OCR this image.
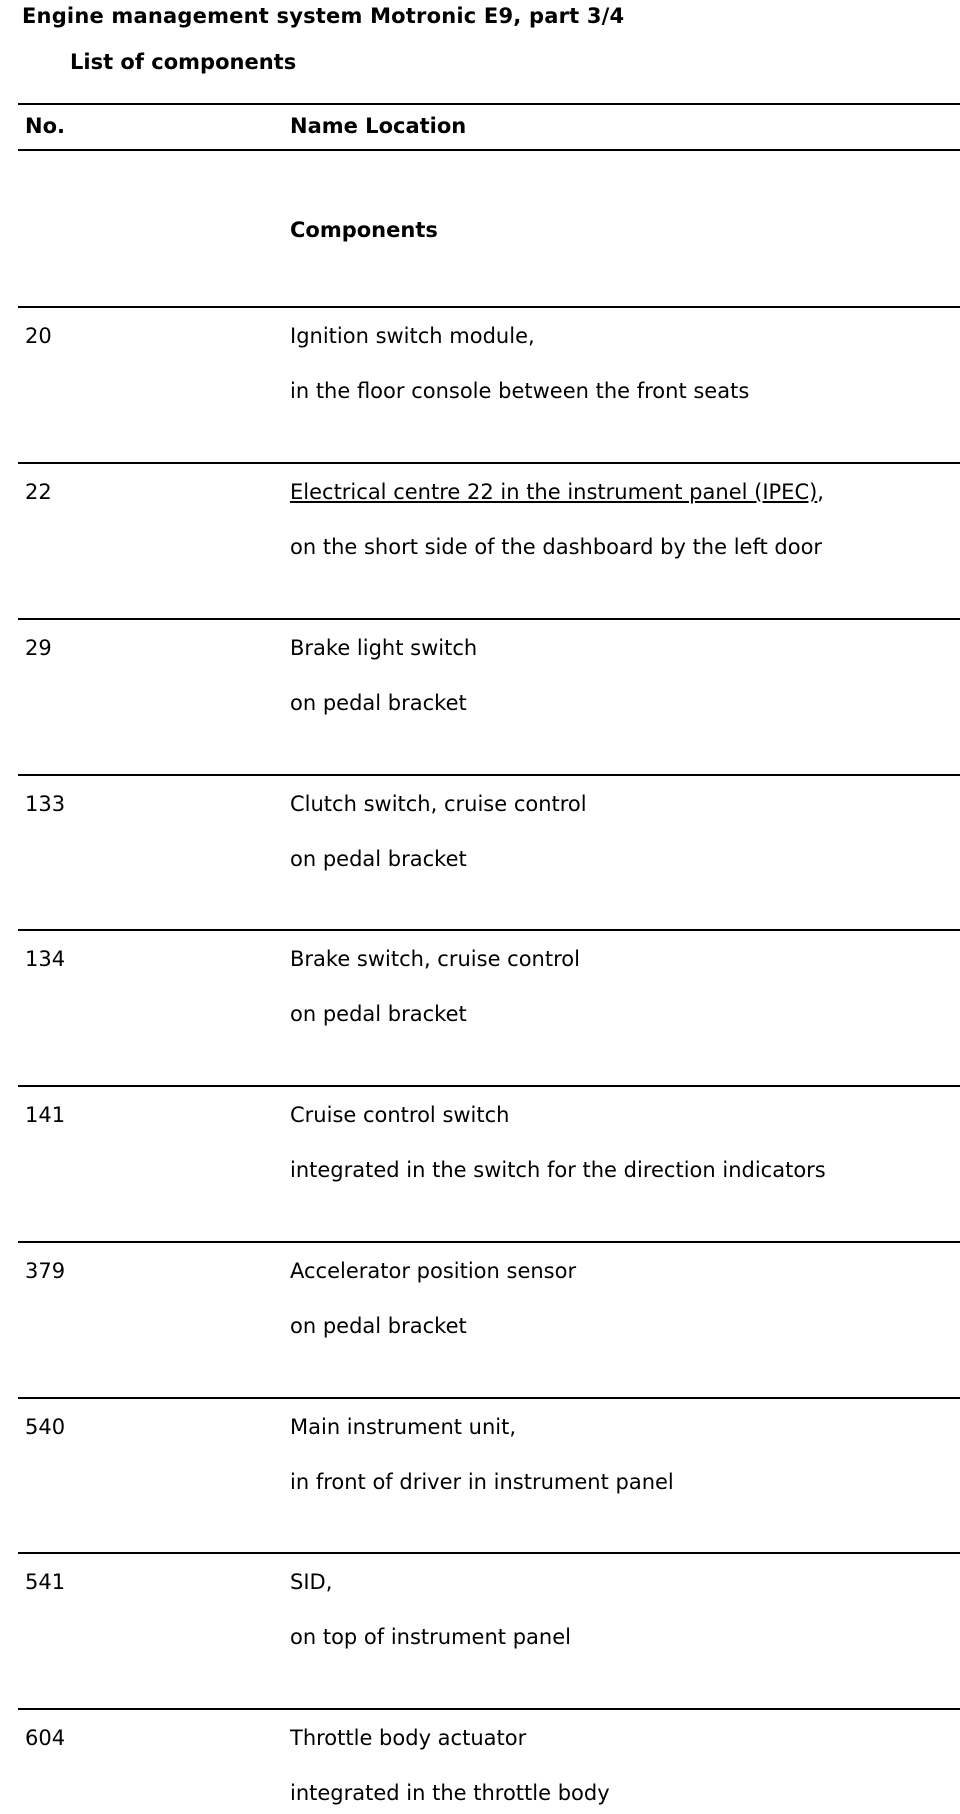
Engine management system Motronic E9, part 3/4
List of components
No.	Name Location
Components
20	Ignition switch module,
in the floor console between the front seats
22	Electrical centre 22 in the instrument panel (IPEC),
on the short side of the dashboard by the left door
29	Brake light switch
on pedal bracket
133	Clutch switch, cruise control
on pedal bracket
134	Brake switch, cruise control
on pedal bracket
141	Cruise control switch
integrated in the switch for the direction indicators
379	Accelerator position sensor
on pedal bracket
540	Main instrument unit,
in front of driver in instrument panel
541	SID,
on top of instrument panel
604	Throttle body actuator
integrated in the throttle body
